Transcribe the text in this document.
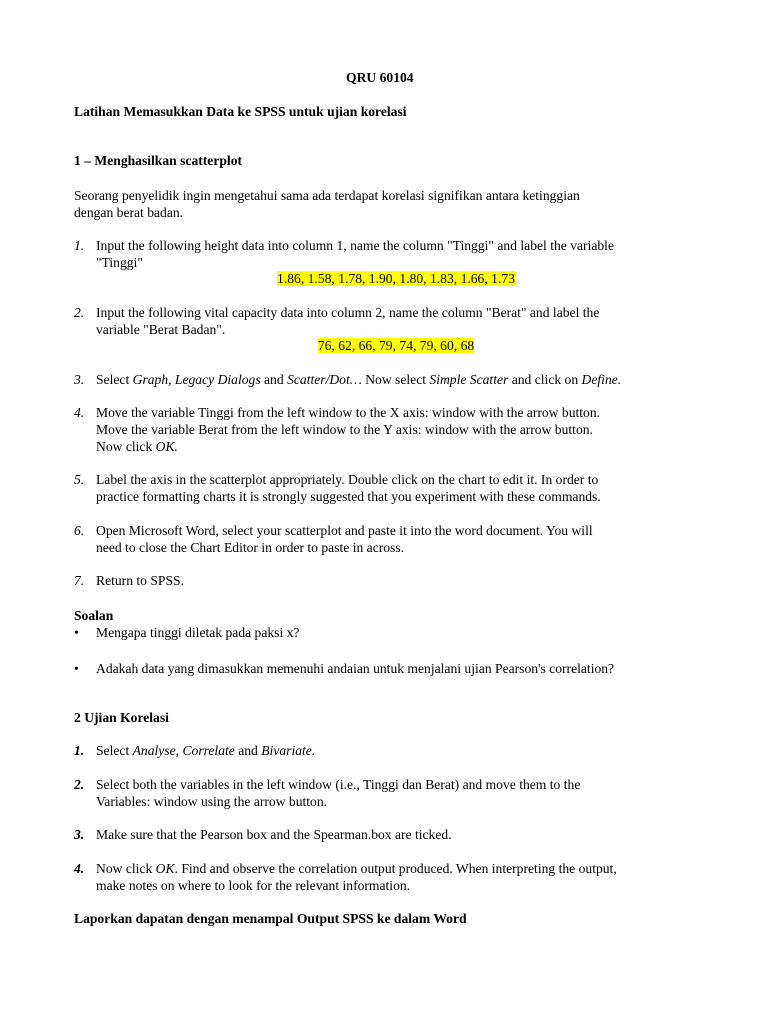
QRU 60104
Latihan Memasukkan Data ke SPSS untuk ujian korelasi
1 – Menghasilkan scatterplot
Seorang penyelidik ingin mengetahui sama ada terdapat korelasi signifikan antara ketinggian
dengan berat badan.
1. Input the following height data into column 1, name the column "Tinggi" and label the variable
"Tinggi"
1.86, 1.58, 1.78, 1.90, 1.80, 1.83, 1.66, 1.73
2. Input the following vital capacity data into column 2, name the column "Berat" and label the
variable "Berat Badan".
76, 62, 66, 79, 74, 79, 60, 68
3. Select Graph, Legacy Dialogs and Scatter/Dot… Now select Simple Scatter and click on Define.
4. Move the variable Tinggi from the left window to the X axis: window with the arrow button.
Move the variable Berat from the left window to the Y axis: window with the arrow button.
Now click OK.
5. Label the axis in the scatterplot appropriately. Double click on the chart to edit it. In order to
practice formatting charts it is strongly suggested that you experiment with these commands.
6. Open Microsoft Word, select your scatterplot and paste it into the word document. You will
need to close the Chart Editor in order to paste in across.
7. Return to SPSS.
Soalan
• Mengapa tinggi diletak pada paksi x?
• Adakah data yang dimasukkan memenuhi andaian untuk menjalani ujian Pearson's correlation?
2 Ujian Korelasi
1. Select Analyse, Correlate and Bivariate.
2. Select both the variables in the left window (i.e., Tinggi dan Berat) and move them to the
Variables: window using the arrow button.
3. Make sure that the Pearson box and the Spearman.box are ticked.
4. Now click OK. Find and observe the correlation output produced. When interpreting the output,
make notes on where to look for the relevant information.
Laporkan dapatan dengan menampal Output SPSS ke dalam Word
